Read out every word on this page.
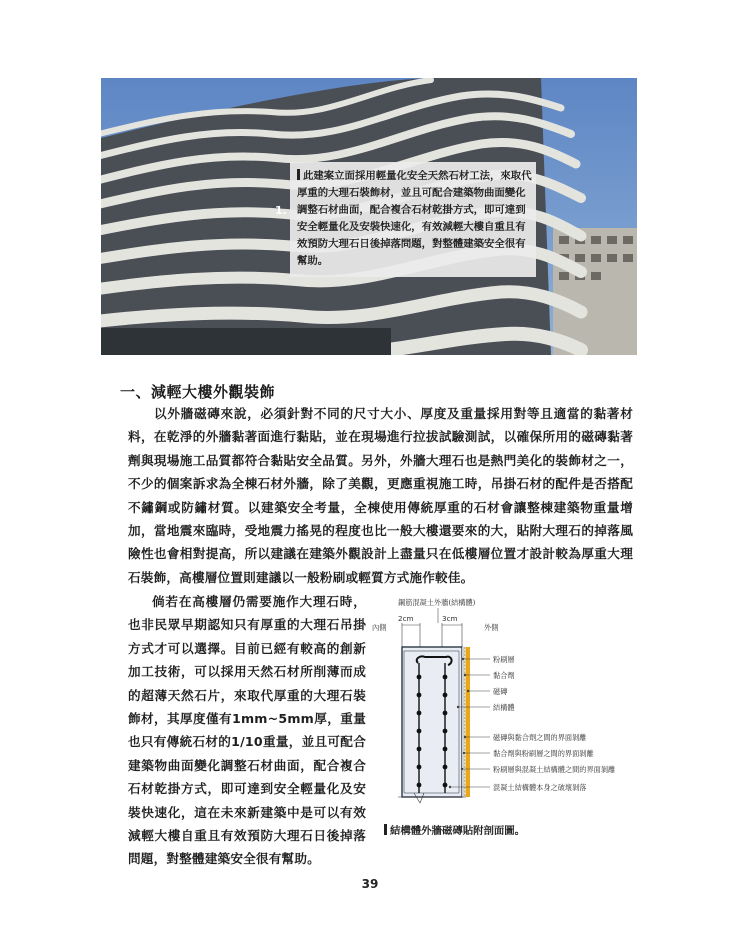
1.
此建案立面採用輕量化安全天然石材工法，來取代厚重的大理石裝飾材，並且可配合建築物曲面變化調整石材曲面，配合複合石材乾掛方式，即可達到安全輕量化及安裝快速化，有效減輕大樓自重且有效預防大理石日後掉落問題，對整體建築安全很有幫助。
一、減輕大樓外觀裝飾
以外牆磁磚來說，必須針對不同的尺寸大小、厚度及重量採用對等且適當的黏著材料，在乾淨的外牆黏著面進行黏貼，並在現場進行拉拔試驗測試，以確保所用的磁磚黏著劑與現場施工品質都符合黏貼安全品質。另外，外牆大理石也是熱門美化的裝飾材之一，不少的個案訴求為全棟石材外牆，除了美觀，更應重視施工時，吊掛石材的配件是否搭配不鏽鋼或防鏽材質。以建築安全考量，全棟使用傳統厚重的石材會讓整棟建築物重量增加，當地震來臨時，受地震力搖晃的程度也比一般大樓還要來的大，貼附大理石的掉落風險性也會相對提高，所以建議在建築外觀設計上盡量只在低樓層位置才設計較為厚重大理石裝飾，高樓層位置則建議以一般粉刷或輕質方式施作較佳。
倘若在高樓層仍需要施作大理石時，也非民眾早期認知只有厚重的大理石吊掛方式才可以選擇。目前已經有較高的創新加工技術，可以採用天然石材所削薄而成的超薄天然石片，來取代厚重的大理石裝飾材，其厚度僅有1mm~5mm厚，重量也只有傳統石材的1/10重量，並且可配合建築物曲面變化調整石材曲面，配合複合石材乾掛方式，即可達到安全輕量化及安裝快速化，這在未來新建築中是可以有效減輕大樓自重且有效預防大理石日後掉落問題，對整體建築安全很有幫助。
鋼筋混凝土外牆(結構體)
內側
2cm	3cm
外側
粉刷層
黏合劑
磁磚
結構體
磁磚與黏合劑之間的界面剝離
黏合劑與粉刷層之間的界面剝離
粉刷層與混凝土結構體之間的界面剝離
混凝土結構體本身之破壞剝落
結構體外牆磁磚貼附剖面圖。
39
